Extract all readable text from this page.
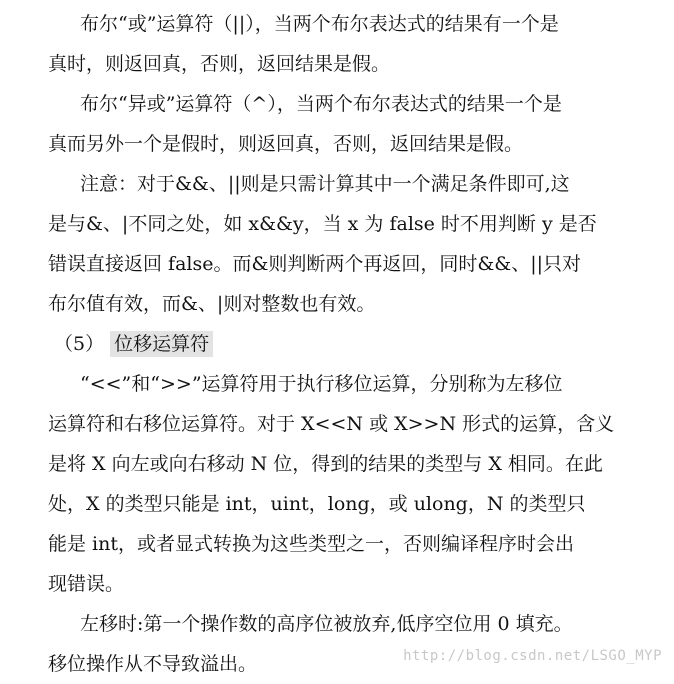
布尔“或”运算符（||），当两个布尔表达式的结果有一个是
真时，则返回真，否则，返回结果是假。
布尔“异或”运算符（^），当两个布尔表达式的结果一个是
真而另外一个是假时，则返回真，否则，返回结果是假。
注意：对于&&、||则是只需计算其中一个满足条件即可,这
是与&、|不同之处，如 x&&y，当 x 为 false 时不用判断 y 是否
错误直接返回 false。而&则判断两个再返回，同时&&、||只对
布尔值有效，而&、|则对整数也有效。
（5） 位移运算符
“<<”和“>>”运算符用于执行移位运算，分别称为左移位
运算符和右移位运算符。对于 X<<N 或 X>>N 形式的运算，含义
是将 X 向左或向右移动 N 位，得到的结果的类型与 X 相同。在此
处，X 的类型只能是 int，uint，long，或 ulong，N 的类型只
能是 int，或者显式转换为这些类型之一，否则编译程序时会出
现错误。
左移时:第一个操作数的高序位被放弃,低序空位用 0 填充。
移位操作从不导致溢出。	http://blog.csdn.net/LSGO_MYP
